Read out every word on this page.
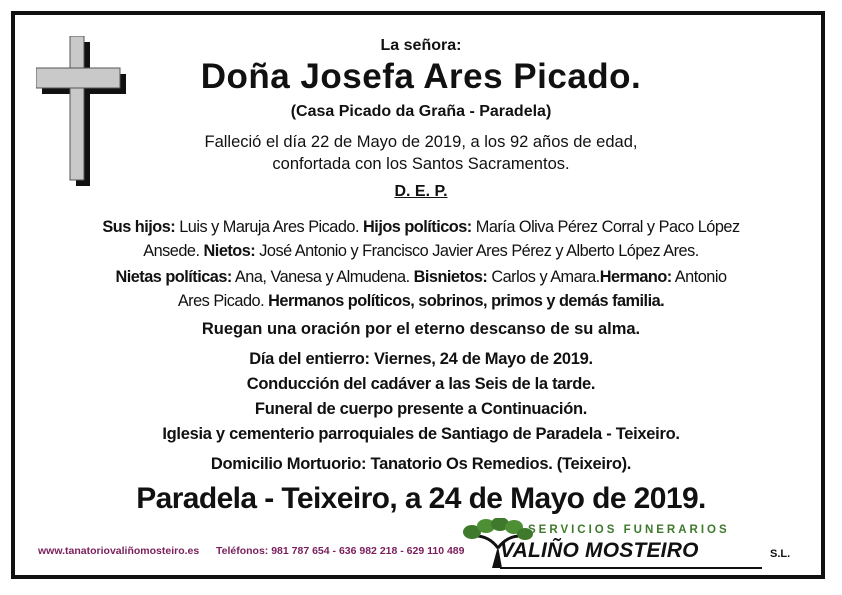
La señora:
Doña Josefa Ares Picado.
(Casa Picado da Graña - Paradela)
Falleció el día 22 de Mayo de 2019, a los 92 años de edad,
confortada con los Santos Sacramentos.
D. E. P.
Sus hijos: Luis y Maruja Ares Picado. Hijos políticos: María Oliva Pérez Corral y Paco López
Ansede. Nietos: José Antonio y Francisco Javier Ares Pérez y Alberto López Ares.
Nietas políticas: Ana, Vanesa y Almudena. Bisnietos: Carlos y Amara.Hermano: Antonio
Ares Picado. Hermanos políticos, sobrinos, primos y demás familia.
Ruegan una oración por el eterno descanso de su alma.
Día del entierro: Viernes, 24 de Mayo de 2019.
Conducción del cadáver a las Seis de la tarde.
Funeral de cuerpo presente a Continuación.
Iglesia y cementerio parroquiales de Santiago de Paradela - Teixeiro.
Domicilio Mortuorio: Tanatorio Os Remedios. (Teixeiro).
Paradela - Teixeiro, a 24 de Mayo de 2019.
www.tanatoriovaliñomosteiro.es Teléfonos: 981 787 654 - 636 982 218 - 629 110 489
SERVICIOS FUNERARIOS
VALIÑO MOSTEIRO	S.L.
